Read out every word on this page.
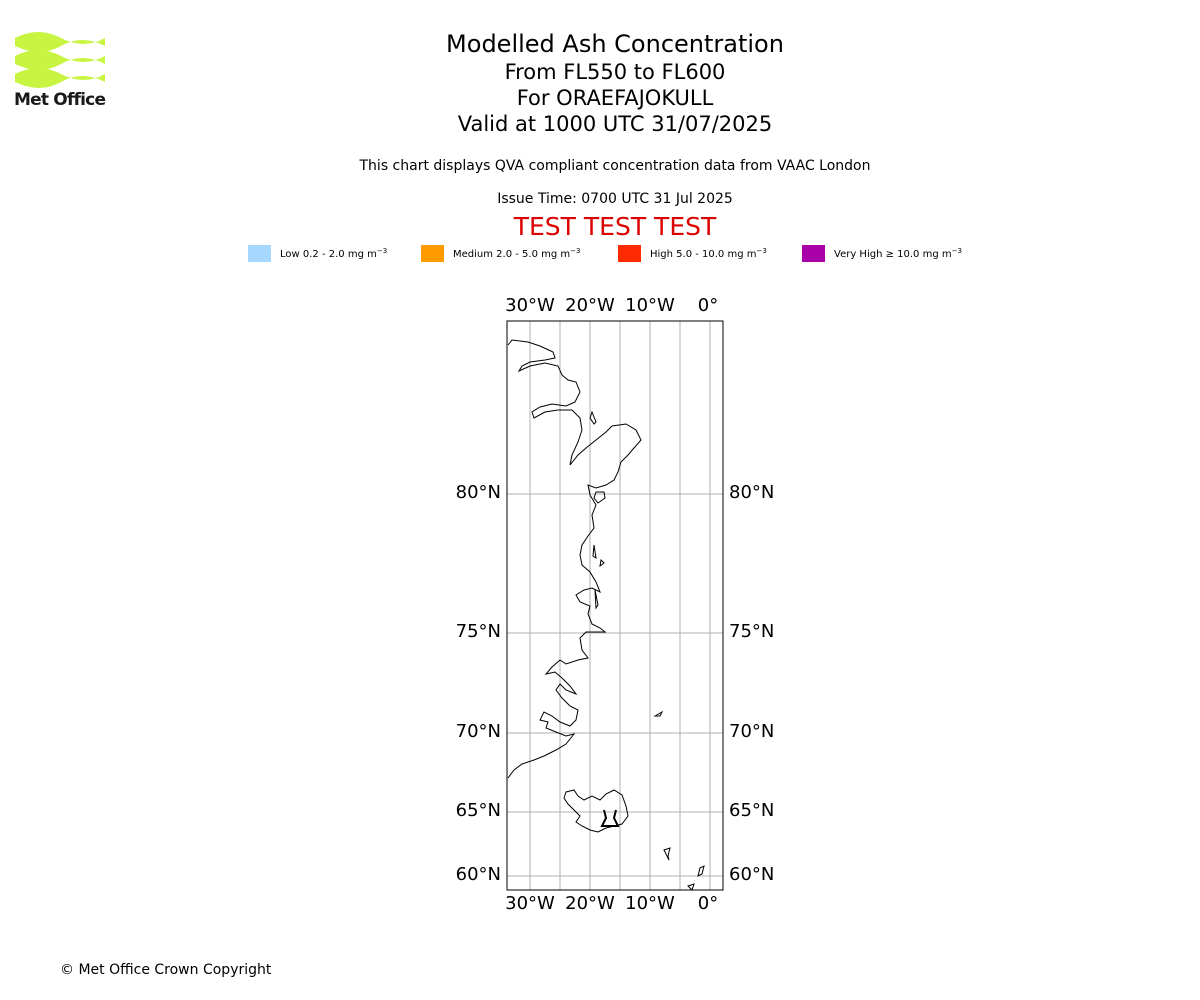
Met Office
Modelled Ash Concentration
From FL550 to FL600
For ORAEFAJOKULL
Valid at 1000 UTC 31/07/2025
This chart displays QVA compliant concentration data from VAAC London
Issue Time: 0700 UTC 31 Jul 2025
TEST TEST TEST
Low 0.2 - 2.0 mg $m^{-3}$	Medium 2.0 - 5.0 mg $m^{-3}$	High 5.0 - 10.0 mg $m^{-3}$	Very High ≥ 10.0 mg $m^{-3}$
© Met Office Crown Copyright
30°W
30°W
20°W
20°W
10°W
10°W
0°
0°
80°N	80°N
75°N	75°N
70°N	70°N
65°N	65°N
60°N	60°N
